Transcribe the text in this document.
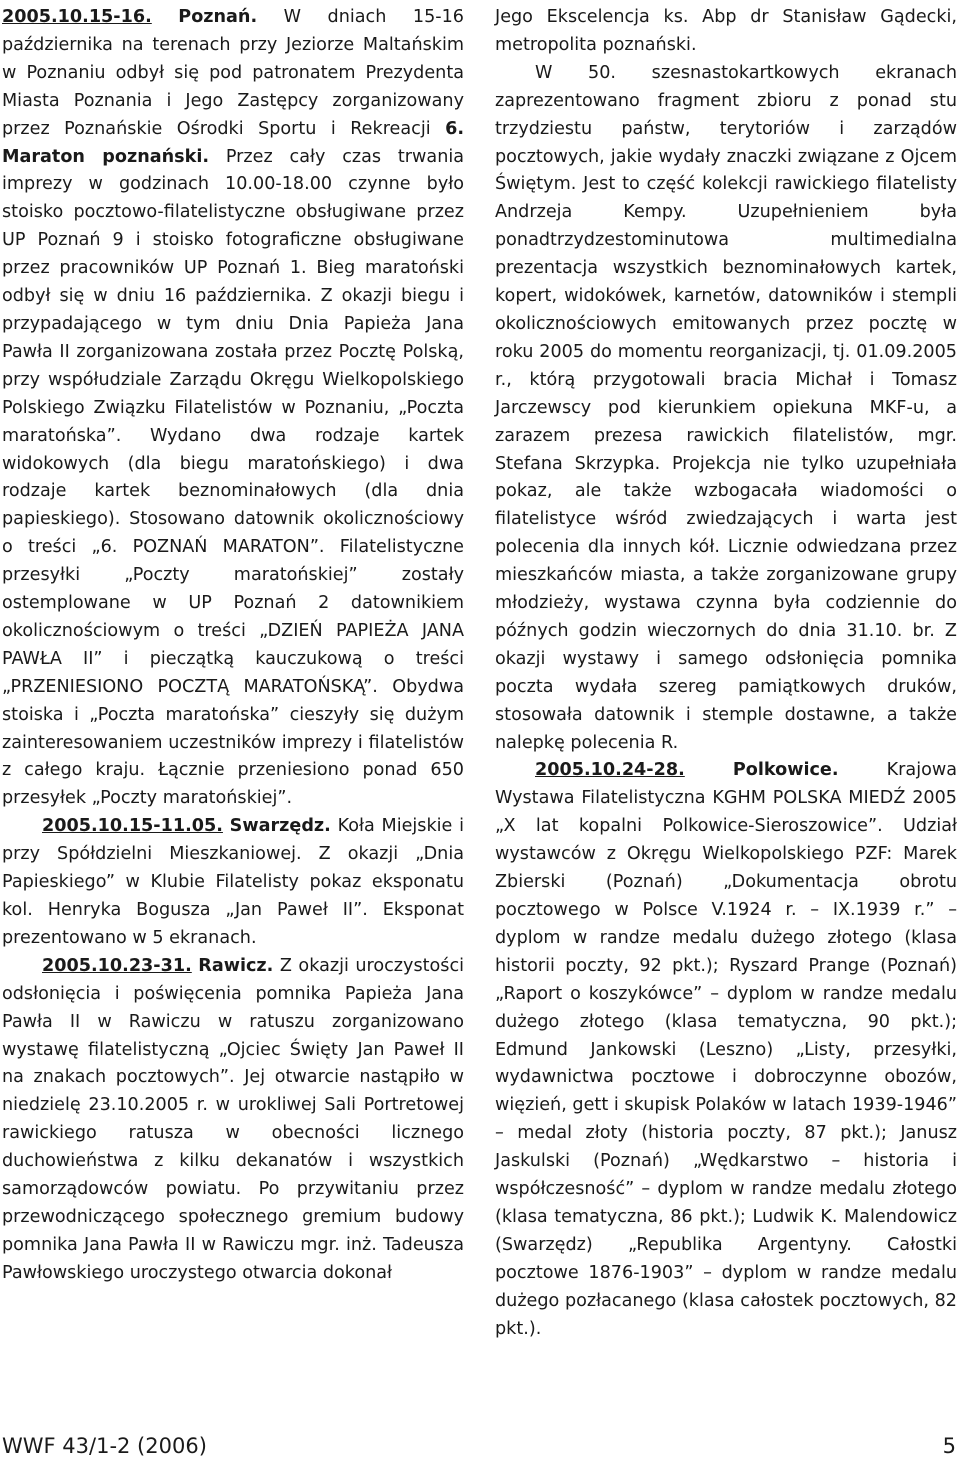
2005.10.15-16. Poznań. W dniach 15-16 października na terenach przy Jeziorze Maltańskim w Poznaniu odbył się pod patronatem Prezydenta Miasta Poznania i Jego Zastępcy zorganizowany przez Poznańskie Ośrodki Sportu i Rekreacji 6. Maraton poznański. Przez cały czas trwania imprezy w godzinach 10.00-18.00 czynne było stoisko pocztowo-filatelistyczne obsługiwane przez UP Poznań 9 i stoisko fotograficzne obsługiwane przez pracowników UP Poznań 1. Bieg maratoński odbył się w dniu 16 października. Z okazji biegu i przypadającego w tym dniu Dnia Papieża Jana Pawła II zorganizowana została przez Pocztę Polską, przy współudziale Zarządu Okręgu Wielkopolskiego Polskiego Związku Filatelistów w Poznaniu, „Poczta maratońska”. Wydano dwa rodzaje kartek widokowych (dla biegu maratońskiego) i dwa rodzaje kartek beznominałowych (dla dnia papieskiego). Stosowano datownik okolicznościowy o treści „6. POZNAŃ MARATON”. Filatelistyczne przesyłki „Poczty maratońskiej” zostały ostemplowane w UP Poznań 2 datownikiem okolicznościowym o treści „DZIEŃ PAPIEŻA JANA PAWŁA II” i pieczątką kauczukową o treści „PRZENIESIONO POCZTĄ MARATOŃSKĄ”. Obydwa stoiska i „Poczta maratońska” cieszyły się dużym zainteresowaniem uczestników imprezy i filatelistów z całego kraju. Łącznie przeniesiono ponad 650 przesyłek „Poczty maratońskiej”.

2005.10.15-11.05. Swarzędz. Koła Miejskie i przy Spółdzielni Mieszkaniowej. Z okazji „Dnia Papieskiego” w Klubie Filatelisty pokaz eksponatu kol. Henryka Bogusza „Jan Paweł II”. Eksponat prezentowano w 5 ekranach.

2005.10.23-31. Rawicz. Z okazji uroczystości odsłonięcia i poświęcenia pomnika Papieża Jana Pawła II w Rawiczu w ratuszu zorganizowano wystawę filatelistyczną „Ojciec Święty Jan Paweł II na znakach pocztowych”. Jej otwarcie nastąpiło w niedzielę 23.10.2005 r. w urokliwej Sali Portretowej rawickiego ratusza w obecności licznego duchowieństwa z kilku dekanatów i wszystkich samorządowców powiatu. Po przywitaniu przez przewodniczącego społecznego gremium budowy pomnika Jana Pawła II w Rawiczu mgr. inż. Tadeusza Pawłowskiego uroczystego otwarcia dokonał

Jego Ekscelencja ks. Abp dr Stanisław Gądecki, metropolita poznański.

W 50. szesnastokartkowych ekranach zaprezentowano fragment zbioru z ponad stu trzydziestu państw, terytoriów i zarządów pocztowych, jakie wydały znaczki związane z Ojcem Świętym. Jest to część kolekcji rawickiego filatelisty Andrzeja Kempy. Uzupełnieniem była ponadtrzydzestominutowa multimedialna prezentacja wszystkich beznominałowych kartek, kopert, widokówek, karnetów, datowników i stempli okolicznościowych emitowanych przez pocztę w roku 2005 do momentu reorganizacji, tj. 01.09.2005 r., którą przygotowali bracia Michał i Tomasz Jarczewscy pod kierunkiem opiekuna MKF-u, a zarazem prezesa rawickich filatelistów, mgr. Stefana Skrzypka. Projekcja nie tylko uzupełniała pokaz, ale także wzbogacała wiadomości o filatelistyce wśród zwiedzających i warta jest polecenia dla innych kół. Licznie odwiedzana przez mieszkańców miasta, a także zorganizowane grupy młodzieży, wystawa czynna była codziennie do późnych godzin wieczornych do dnia 31.10. br. Z okazji wystawy i samego odsłonięcia pomnika poczta wydała szereg pamiątkowych druków, stosowała datownik i stemple dostawne, a także nalepkę polecenia R.

2005.10.24-28.	Polkowice.	Krajowa Wystawa Filatelistyczna KGHM POLSKA MIEDŹ 2005 „X lat kopalni Polkowice-Sieroszowice”. Udział wystawców z Okręgu Wielkopolskiego PZF: Marek Zbierski (Poznań) „Dokumentacja obrotu pocztowego w Polsce V.1924 r. – IX.1939 r.” – dyplom w randze medalu dużego złotego (klasa historii poczty, 92 pkt.); Ryszard Prange (Poznań) „Raport o koszykówce” – dyplom w randze medalu dużego złotego (klasa tematyczna, 90 pkt.); Edmund Jankowski (Leszno) „Listy, przesyłki, wydawnictwa pocztowe i dobroczynne obozów, więzień, gett i skupisk Polaków w latach 1939-1946” – medal złoty (historia poczty, 87 pkt.); Janusz Jaskulski (Poznań) „Wędkarstwo – historia i współczesność” – dyplom w randze medalu złotego (klasa tematyczna, 86 pkt.); Ludwik K. Malendowicz (Swarzędz) „Republika Argentyny. Całostki pocztowe 1876-1903” – dyplom w randze medalu dużego pozłacanego (klasa całostek pocztowych, 82 pkt.).

WWF 43/1-2 (2006)	5
